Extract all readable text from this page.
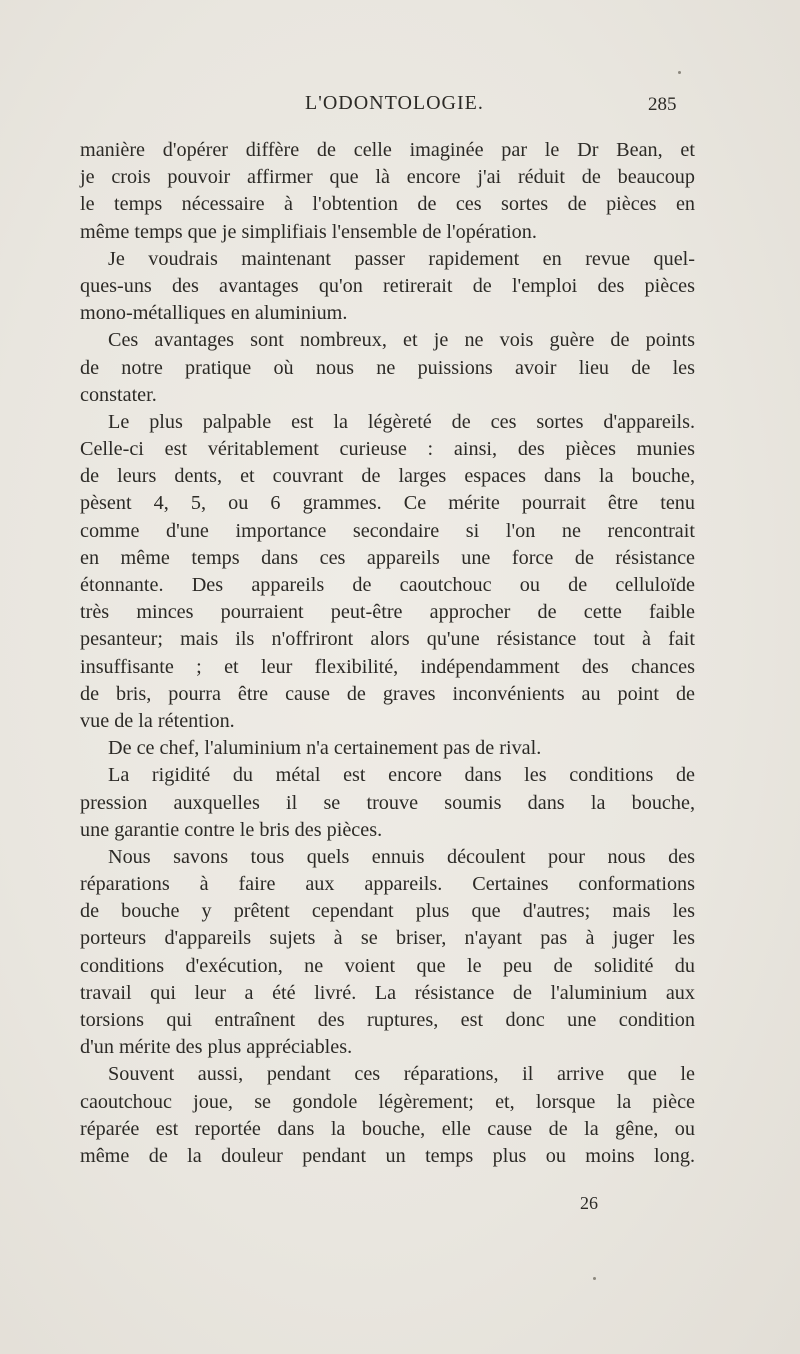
L'ODONTOLOGIE.	285
manière d'opérer diffère de celle imaginée par le Dr Bean, et
je crois pouvoir affirmer que là encore j'ai réduit de beaucoup
le temps nécessaire à l'obtention de ces sortes de pièces en
même temps que je simplifiais l'ensemble de l'opération.
Je voudrais maintenant passer rapidement en revue quel-
ques-uns des avantages qu'on retirerait de l'emploi des pièces
mono-métalliques en aluminium.
Ces avantages sont nombreux, et je ne vois guère de points
de notre pratique où nous ne puissions avoir lieu de les
constater.
Le plus palpable est la légèreté de ces sortes d'appareils.
Celle-ci est véritablement curieuse : ainsi, des pièces munies
de leurs dents, et couvrant de larges espaces dans la bouche,
pèsent 4, 5, ou 6 grammes. Ce mérite pourrait être tenu
comme d'une importance secondaire si l'on ne rencontrait
en même temps dans ces appareils une force de résistance
étonnante. Des appareils de caoutchouc ou de celluloïde
très minces pourraient peut-être approcher de cette faible
pesanteur; mais ils n'offriront alors qu'une résistance tout à fait
insuffisante ; et leur flexibilité, indépendamment des chances
de bris, pourra être cause de graves inconvénients au point de
vue de la rétention.
De ce chef, l'aluminium n'a certainement pas de rival.
La rigidité du métal est encore dans les conditions de
pression auxquelles il se trouve soumis dans la bouche,
une garantie contre le bris des pièces.
Nous savons tous quels ennuis découlent pour nous des
réparations à faire aux appareils. Certaines conformations
de bouche y prêtent cependant plus que d'autres; mais les
porteurs d'appareils sujets à se briser, n'ayant pas à juger les
conditions d'exécution, ne voient que le peu de solidité du
travail qui leur a été livré. La résistance de l'aluminium aux
torsions qui entraînent des ruptures, est donc une condition
d'un mérite des plus appréciables.
Souvent aussi, pendant ces réparations, il arrive que le
caoutchouc joue, se gondole légèrement; et, lorsque la pièce
réparée est reportée dans la bouche, elle cause de la gêne, ou
même de la douleur pendant un temps plus ou moins long.
26
